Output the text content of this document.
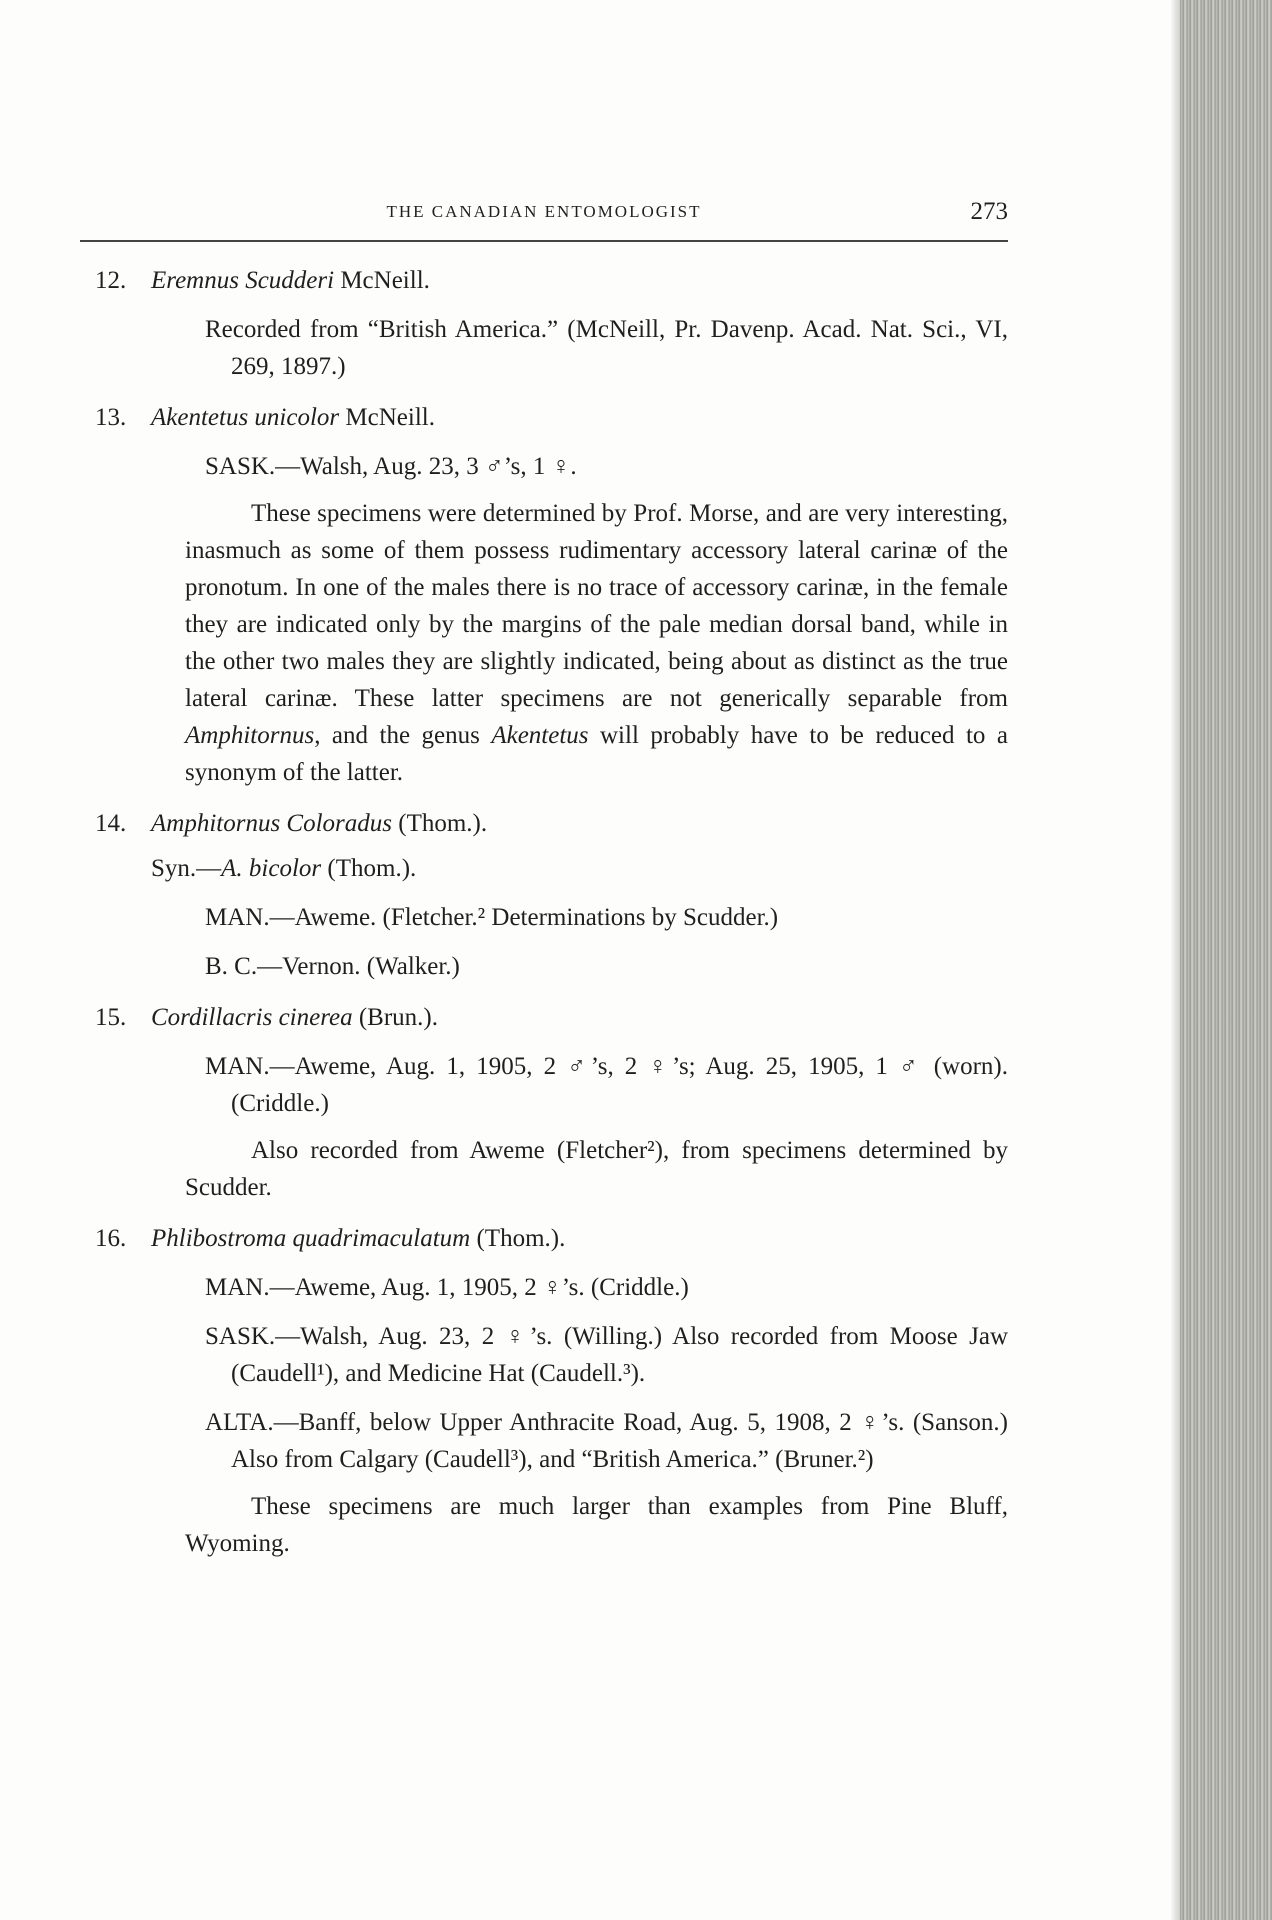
THE CANADIAN ENTOMOLOGIST	273
12. Eremnus Scudderi McNeill.
Recorded from “British America.” (McNeill, Pr. Davenp. Acad. Nat. Sci., VI, 269, 1897.)
13. Akentetus unicolor McNeill.
SASK.—Walsh, Aug. 23, 3 ♂’s, 1 ♀.
These specimens were determined by Prof. Morse, and are very interesting, inasmuch as some of them possess rudimentary accessory lateral carinæ of the pronotum. In one of the males there is no trace of accessory carinæ, in the female they are indicated only by the margins of the pale median dorsal band, while in the other two males they are slightly indicated, being about as distinct as the true lateral carinæ. These latter specimens are not generically separable from Amphitornus, and the genus Akentetus will probably have to be reduced to a synonym of the latter.
14. Amphitornus Coloradus (Thom.).
Syn.—A. bicolor (Thom.).
MAN.—Aweme. (Fletcher.² Determinations by Scudder.)
B. C.—Vernon. (Walker.)
15. Cordillacris cinerea (Brun.).
MAN.—Aweme, Aug. 1, 1905, 2 ♂’s, 2 ♀’s; Aug. 25, 1905, 1 ♂ (worn). (Criddle.)
Also recorded from Aweme (Fletcher²), from specimens determined by Scudder.
16. Phlibostroma quadrimaculatum (Thom.).
MAN.—Aweme, Aug. 1, 1905, 2 ♀’s. (Criddle.)
SASK.—Walsh, Aug. 23, 2 ♀’s. (Willing.) Also recorded from Moose Jaw (Caudell¹), and Medicine Hat (Caudell.³).
ALTA.—Banff, below Upper Anthracite Road, Aug. 5, 1908, 2 ♀’s. (Sanson.) Also from Calgary (Caudell³), and “British America.” (Bruner.²)
These specimens are much larger than examples from Pine Bluff, Wyoming.
